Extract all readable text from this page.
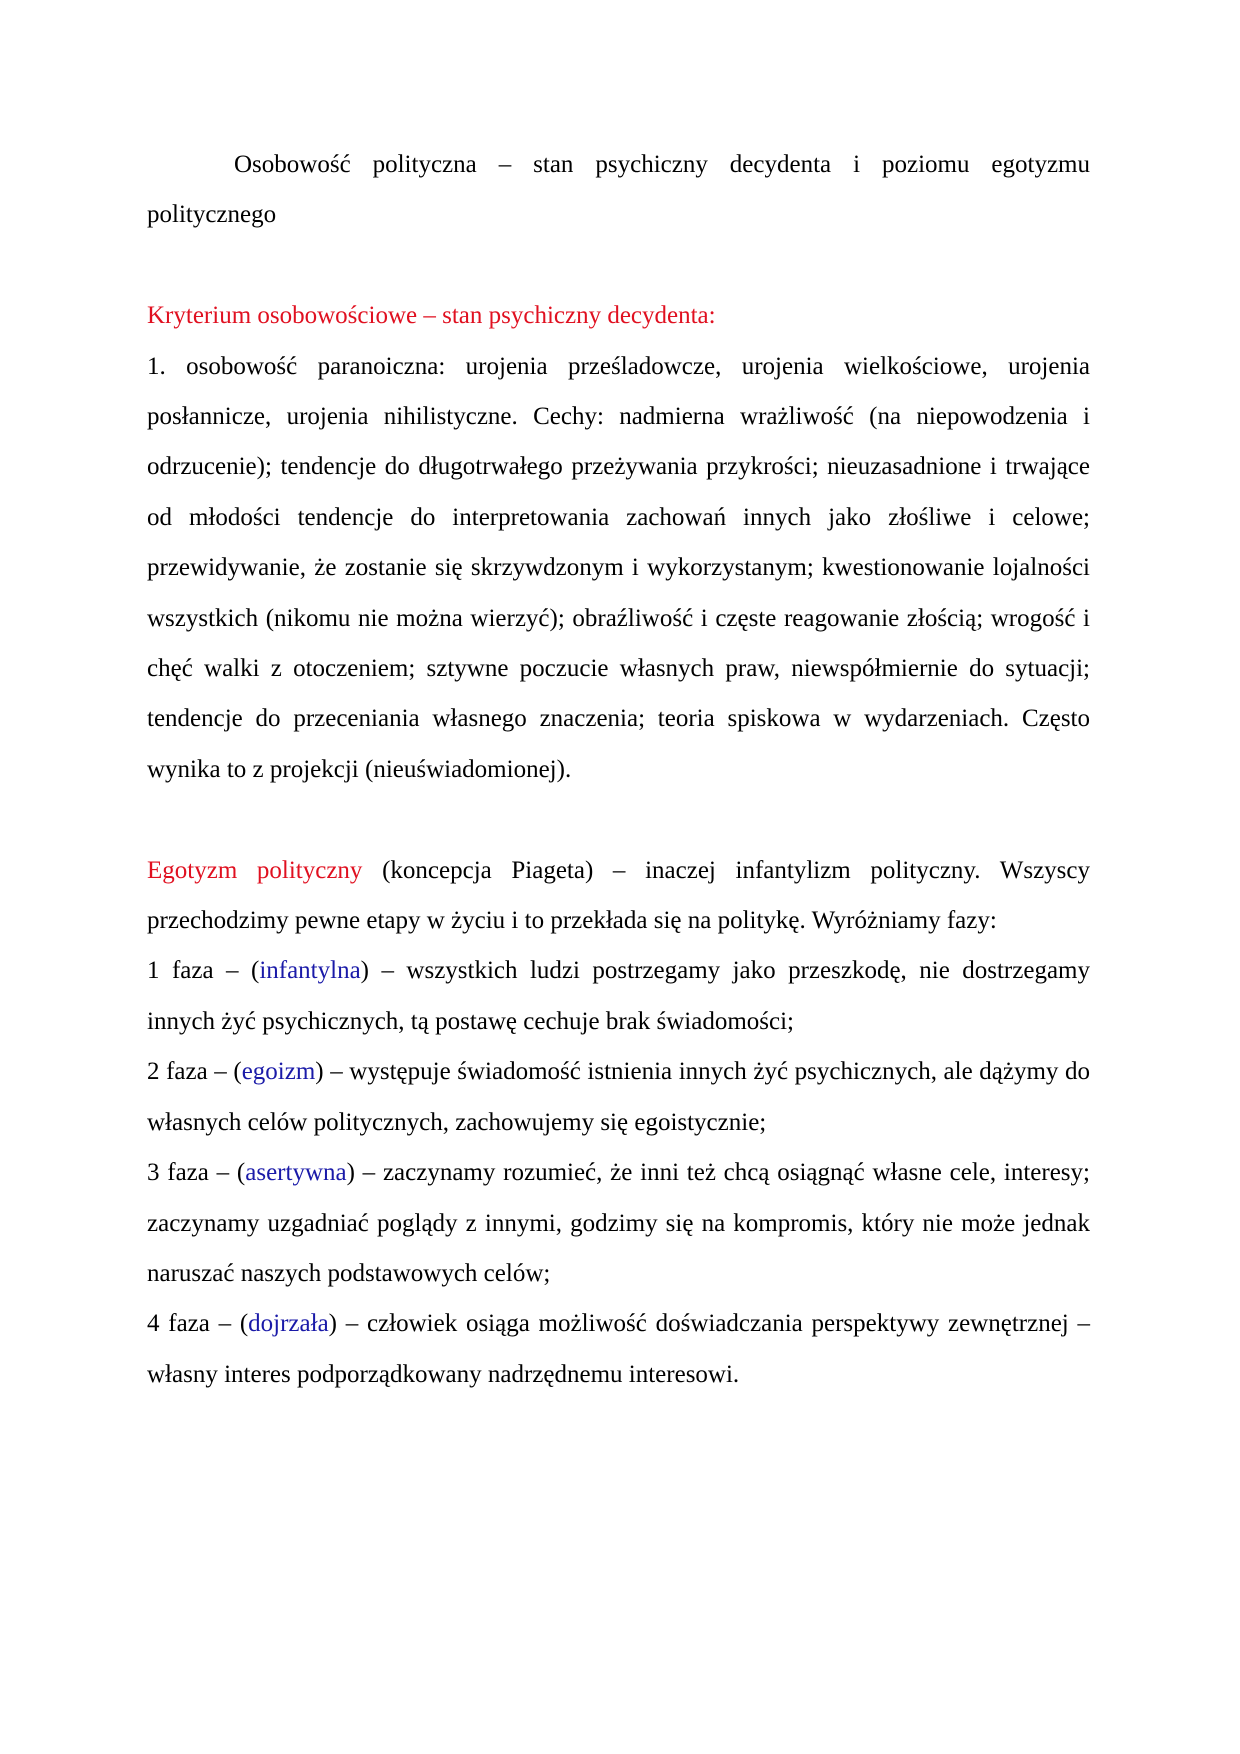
Osobowość polityczna – stan psychiczny decydenta i poziomu egotyzmu politycznego

Kryterium osobowościowe – stan psychiczny decydenta:

1. osobowość paranoiczna: urojenia prześladowcze, urojenia wielkościowe, urojenia posłannicze, urojenia nihilistyczne. Cechy: nadmierna wrażliwość (na niepowodzenia i odrzucenie); tendencje do długotrwałego przeżywania przykrości; nieuzasadnione i trwające od młodości tendencje do interpretowania zachowań innych jako złośliwe i celowe; przewidywanie, że zostanie się skrzywdzonym i wykorzystanym; kwestionowanie lojalności wszystkich (nikomu nie można wierzyć); obraźliwość i częste reagowanie złością; wrogość i chęć walki z otoczeniem; sztywne poczucie własnych praw, niewspółmiernie do sytuacji; tendencje do przeceniania własnego znaczenia; teoria spiskowa w wydarzeniach. Często wynika to z projekcji (nieuświadomionej).

Egotyzm polityczny (koncepcja Piageta) – inaczej infantylizm polityczny. Wszyscy przechodzimy pewne etapy w życiu i to przekłada się na politykę. Wyróżniamy fazy:

1 faza – (infantylna) – wszystkich ludzi postrzegamy jako przeszkodę, nie dostrzegamy innych żyć psychicznych, tą postawę cechuje brak świadomości;

2 faza – (egoizm) – występuje świadomość istnienia innych żyć psychicznych, ale dążymy do własnych celów politycznych, zachowujemy się egoistycznie;

3 faza – (asertywna) – zaczynamy rozumieć, że inni też chcą osiągnąć własne cele, interesy; zaczynamy uzgadniać poglądy z innymi, godzimy się na kompromis, który nie może jednak naruszać naszych podstawowych celów;

4 faza – (dojrzała) – człowiek osiąga możliwość doświadczania perspektywy zewnętrznej – własny interes podporządkowany nadrzędnemu interesowi.
